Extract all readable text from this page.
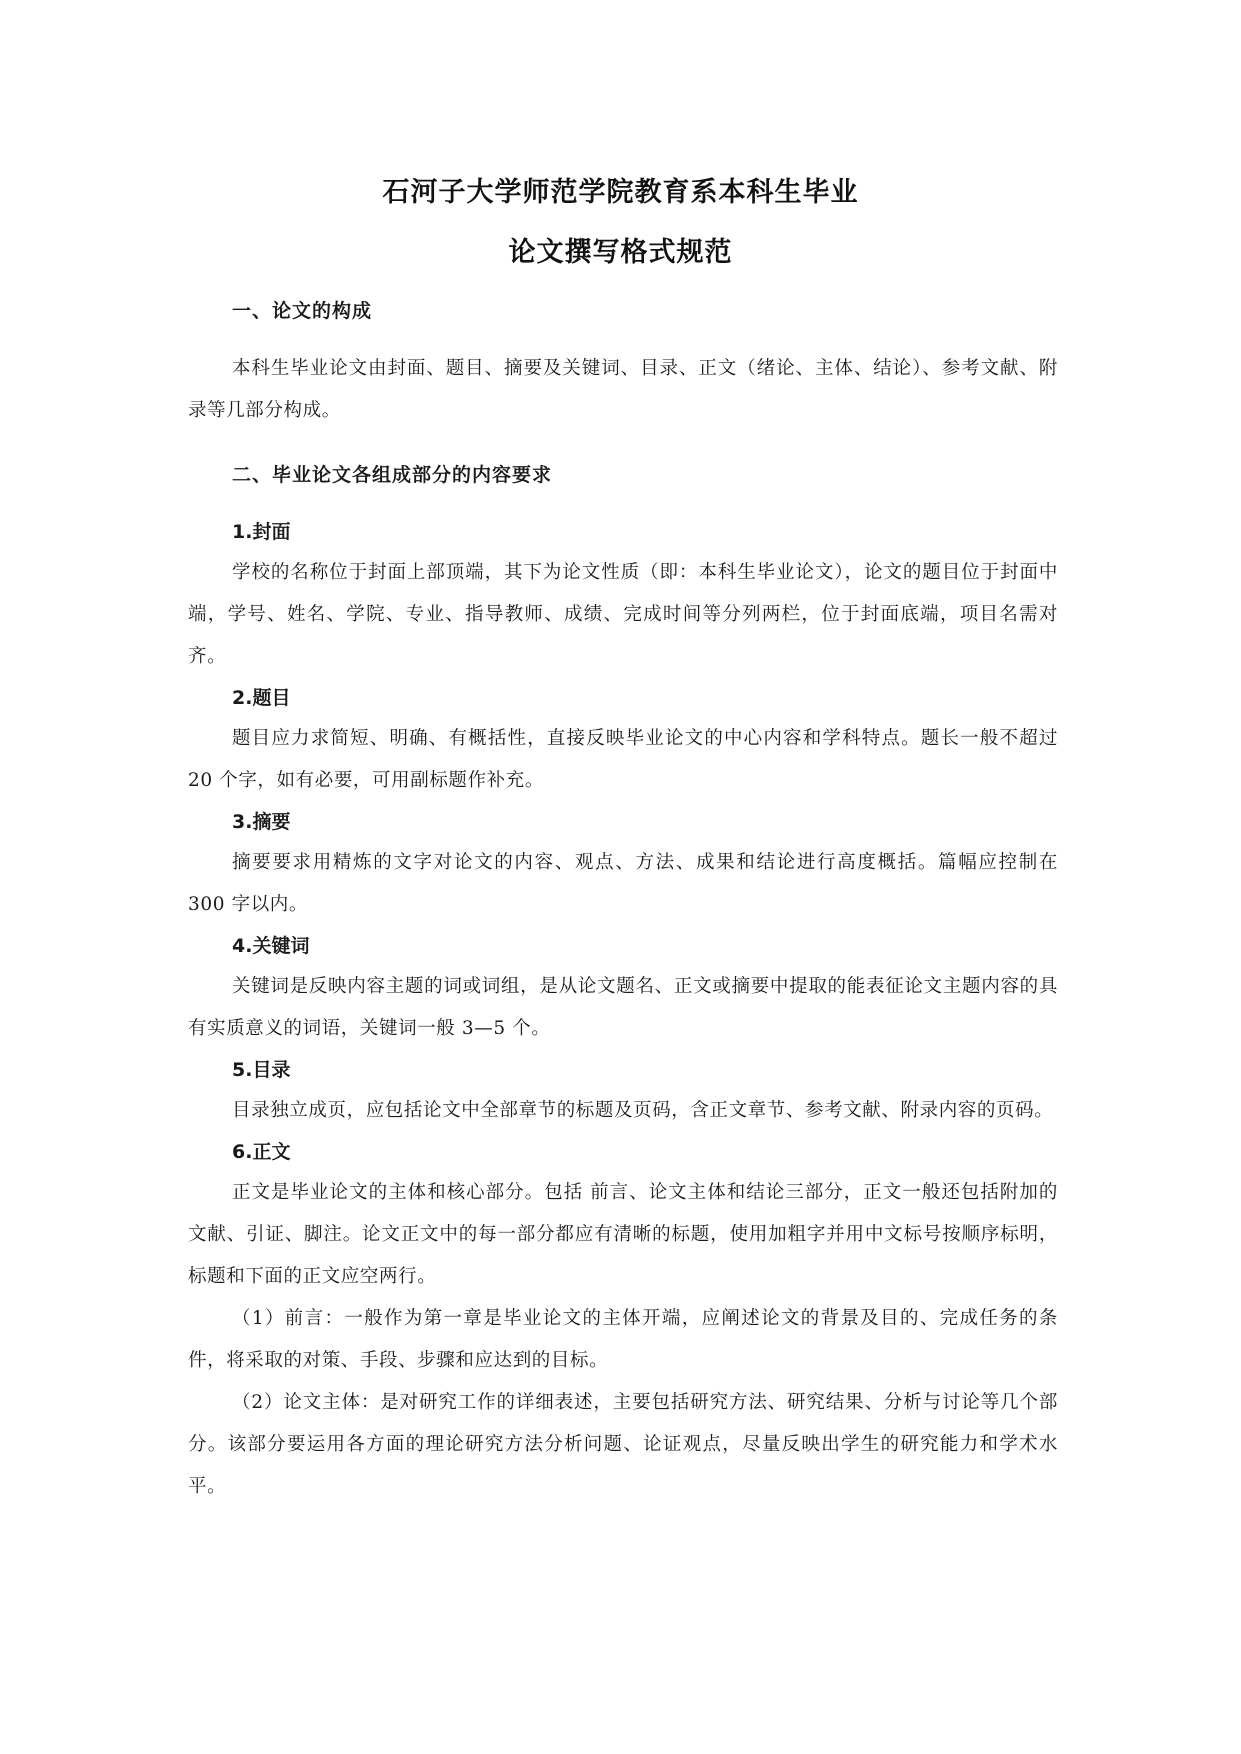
石河子大学师范学院教育系本科生毕业
论文撰写格式规范
一、论文的构成

本科生毕业论文由封面、题目、摘要及关键词、目录、正文（绪论、主体、结论）、参考文献、附录等几部分构成。

二、毕业论文各组成部分的内容要求
1.封面

学校的名称位于封面上部顶端，其下为论文性质（即：本科生毕业论文），论文的题目位于封面中端，学号、姓名、学院、专业、指导教师、成绩、完成时间等分列两栏，位于封面底端，项目名需对齐。

2.题目

题目应力求简短、明确、有概括性，直接反映毕业论文的中心内容和学科特点。题长一般不超过 20 个字，如有必要，可用副标题作补充。

3.摘要

摘要要求用精炼的文字对论文的内容、观点、方法、成果和结论进行高度概括。篇幅应控制在 300 字以内。

4.关键词

关键词是反映内容主题的词或词组，是从论文题名、正文或摘要中提取的能表征论文主题内容的具有实质意义的词语，关键词一般 3—5 个。

5.目录

目录独立成页，应包括论文中全部章节的标题及页码，含正文章节、参考文献、附录内容的页码。

6.正文

正文是毕业论文的主体和核心部分。包括 前言、论文主体和结论三部分，正文一般还包括附加的文献、引证、脚注。论文正文中的每一部分都应有清晰的标题，使用加粗字并用中文标号按顺序标明，标题和下面的正文应空两行。

（1）前言：一般作为第一章是毕业论文的主体开端，应阐述论文的背景及目的、完成任务的条件，将采取的对策、手段、步骤和应达到的目标。

（2）论文主体：是对研究工作的详细表述，主要包括研究方法、研究结果、分析与讨论等几个部分。该部分要运用各方面的理论研究方法分析问题、论证观点，尽量反映出学生的研究能力和学术水平。
